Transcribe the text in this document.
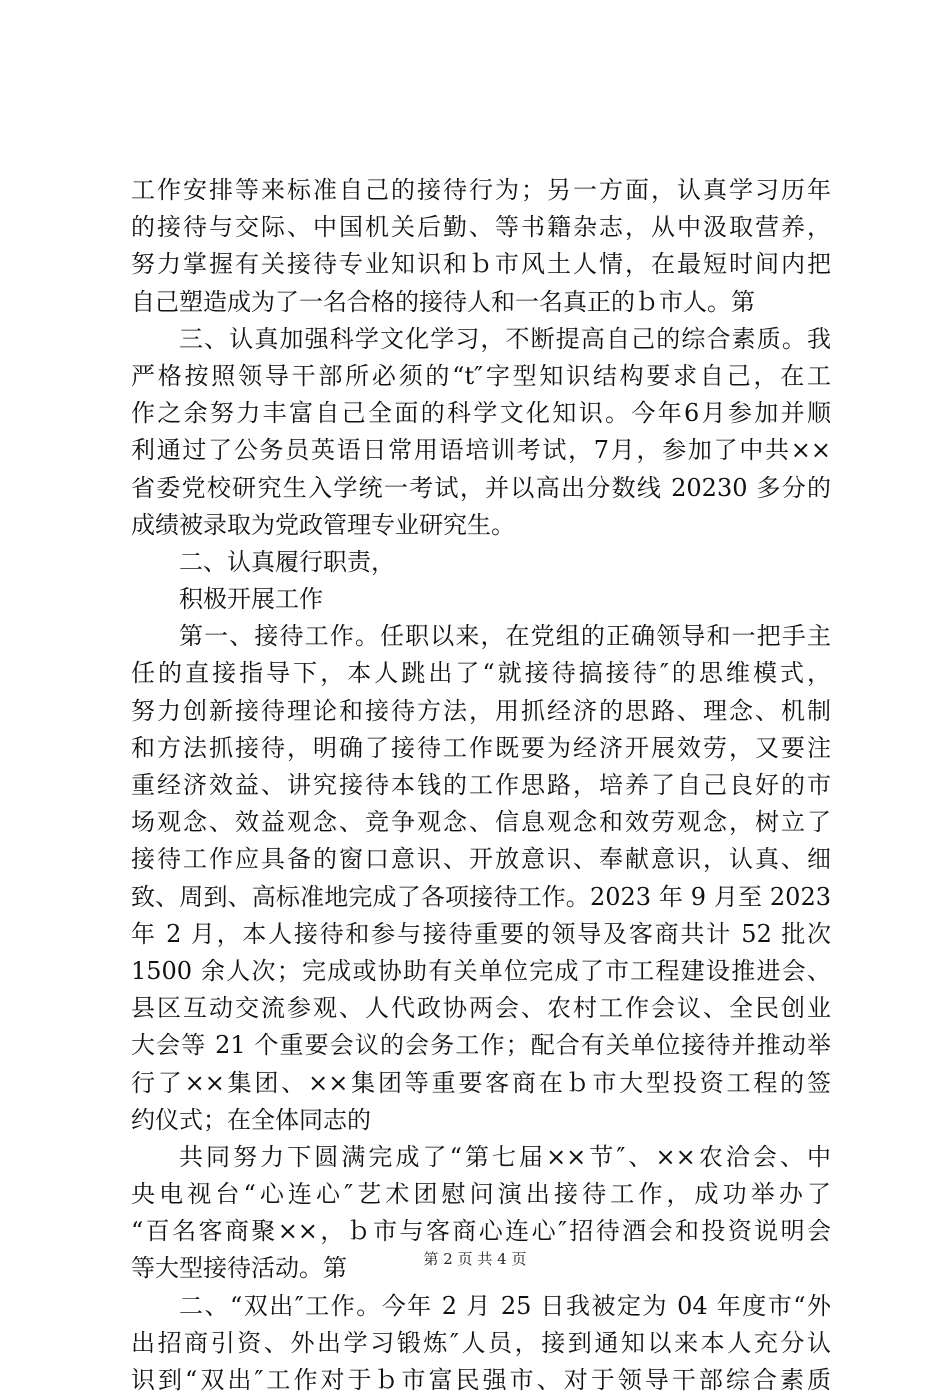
工作安排等来标准自己的接待行为；另一方面，认真学习历年
的接待与交际、中国机关后勤、等书籍杂志，从中汲取营养，
努力掌握有关接待专业知识和ｂ市风土人情，在最短时间内把
自己塑造成为了一名合格的接待人和一名真正的ｂ市人。第
三、认真加强科学文化学习，不断提高自己的综合素质。我
严格按照领导干部所必须的“t″字型知识结构要求自己，在工
作之余努力丰富自己全面的科学文化知识。今年6月参加并顺
利通过了公务员英语日常用语培训考试，7月，参加了中共××
省委党校研究生入学统一考试，并以高出分数线 20230 多分的
成绩被录取为党政管理专业研究生。
二、认真履行职责，
积极开展工作
第一、接待工作。任职以来，在党组的正确领导和一把手主
任的直接指导下，本人跳出了“就接待搞接待″的思维模式，
努力创新接待理论和接待方法，用抓经济的思路、理念、机制
和方法抓接待，明确了接待工作既要为经济开展效劳，又要注
重经济效益、讲究接待本钱的工作思路，培养了自己良好的市
场观念、效益观念、竞争观念、信息观念和效劳观念，树立了
接待工作应具备的窗口意识、开放意识、奉献意识，认真、细
致、周到、高标准地完成了各项接待工作。2023 年 9 月至 2023
年 2 月，本人接待和参与接待重要的领导及客商共计 52 批次
1500 余人次；完成或协助有关单位完成了市工程建设推进会、
县区互动交流参观、人代政协两会、农村工作会议、全民创业
大会等 21 个重要会议的会务工作；配合有关单位接待并推动举
行了××集团、××集团等重要客商在ｂ市大型投资工程的签
约仪式；在全体同志的
共同努力下圆满完成了“第七届××节″、××农洽会、中
央电视台“心连心″艺术团慰问演出接待工作，成功举办了
“百名客商聚××，ｂ市与客商心连心″招待酒会和投资说明会
等大型接待活动。第
二、“双出″工作。今年 2 月 25 日我被定为 04 年度市“外
出招商引资、外出学习锻炼″人员，接到通知以来本人充分认
识到“双出″工作对于ｂ市富民强市、对于领导干部综合素质
第 2 页 共 4 页
